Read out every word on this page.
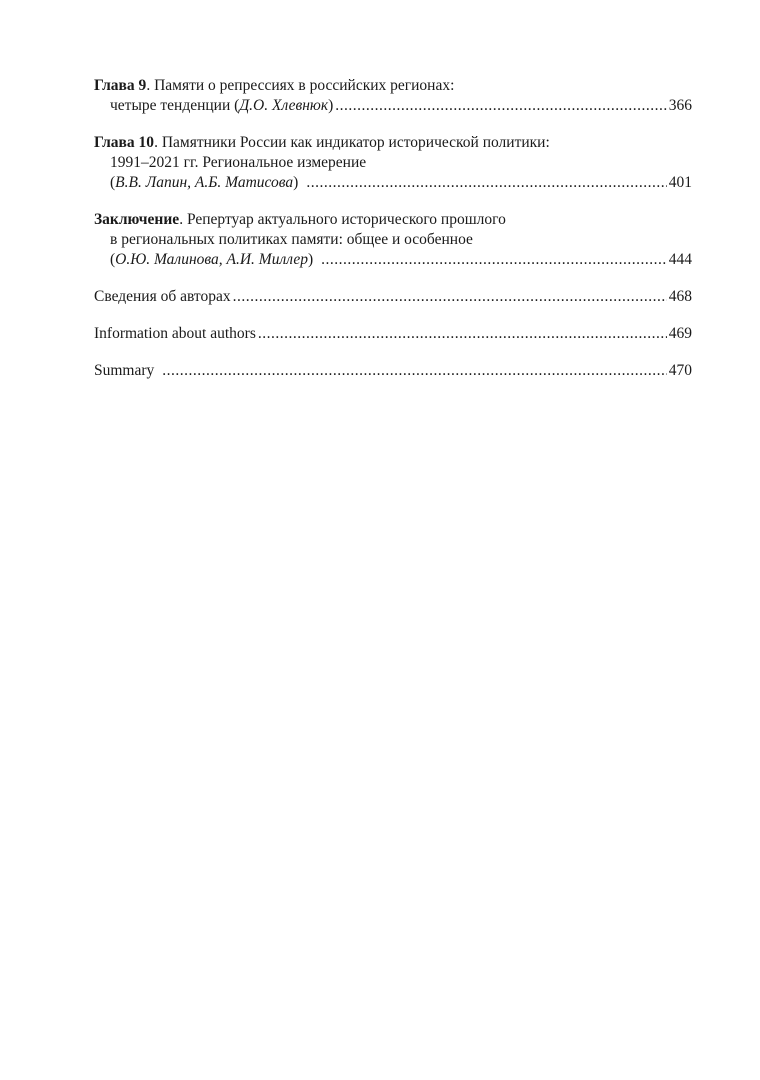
Глава 9. Памяти о репрессиях в российских регионах:
четыре тенденции (Д.О. Хлевнюк) .....	366
Глава 10. Памятники России как индикатор исторической политики:
1991–2021 гг. Региональное измерение
(В.В. Лапин, А.Б. Матисова) .....	401
Заключение. Репертуар актуального исторического прошлого
в региональных политиках памяти: общее и особенное
(О.Ю. Малинова, А.И. Миллер) .....	444
Сведения об авторах .....	468
Information about authors .....	469
Summary .....	470
